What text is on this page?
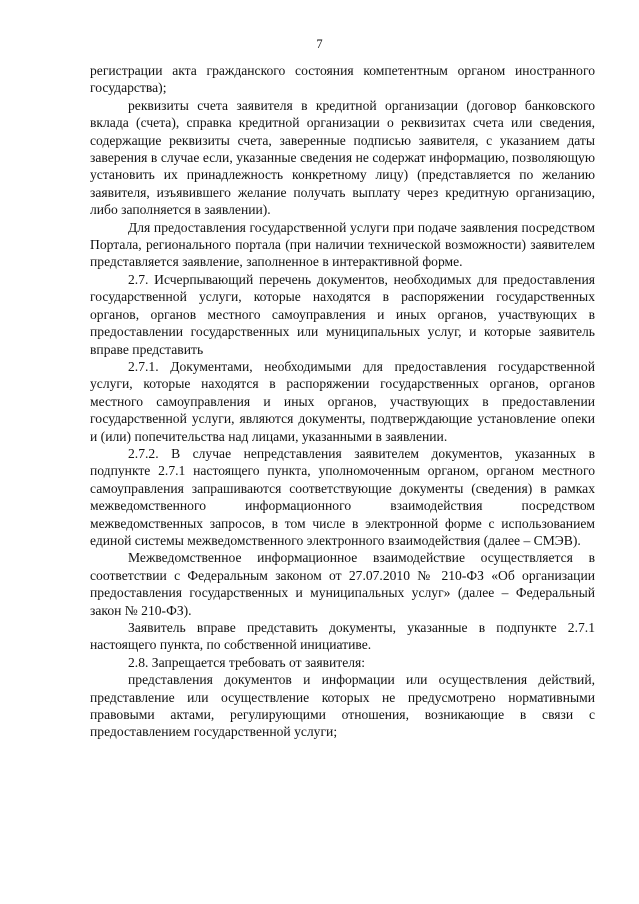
7

регистрации акта гражданского состояния компетентным органом иностранного государства);

реквизиты счета заявителя в кредитной организации (договор банковского вклада (счета), справка кредитной организации о реквизитах счета или сведения, содержащие реквизиты счета, заверенные подписью заявителя, с указанием даты заверения в случае если, указанные сведения не содержат информацию, позволяющую установить их принадлежность конкретному лицу) (представляется по желанию заявителя, изъявившего желание получать выплату через кредитную организацию, либо заполняется в заявлении).

Для предоставления государственной услуги при подаче заявления посредством Портала, регионального портала (при наличии технической возможности) заявителем представляется заявление, заполненное в интерактивной форме.

2.7. Исчерпывающий перечень документов, необходимых для предоставления государственной услуги, которые находятся в распоряжении государственных органов, органов местного самоуправления и иных органов, участвующих в предоставлении государственных или муниципальных услуг, и которые заявитель вправе представить

2.7.1. Документами, необходимыми для предоставления государственной услуги, которые находятся в распоряжении государственных органов, органов местного самоуправления и иных органов, участвующих в предоставлении государственной услуги, являются документы, подтверждающие установление опеки и (или) попечительства над лицами, указанными в заявлении.

2.7.2. В случае непредставления заявителем документов, указанных в подпункте 2.7.1 настоящего пункта, уполномоченным органом, органом местного самоуправления запрашиваются соответствующие документы (сведения) в рамках межведомственного информационного взаимодействия посредством межведомственных запросов, в том числе в электронной форме с использованием единой системы межведомственного электронного взаимодействия (далее – СМЭВ).

Межведомственное информационное взаимодействие осуществляется в соответствии с Федеральным законом от 27.07.2010 № 210-ФЗ «Об организации предоставления государственных и муниципальных услуг» (далее – Федеральный закон № 210-ФЗ).

Заявитель вправе представить документы, указанные в подпункте 2.7.1 настоящего пункта, по собственной инициативе.

2.8. Запрещается требовать от заявителя:

представления документов и информации или осуществления действий, представление или осуществление которых не предусмотрено нормативными правовыми актами, регулирующими отношения, возникающие в связи с предоставлением государственной услуги;
